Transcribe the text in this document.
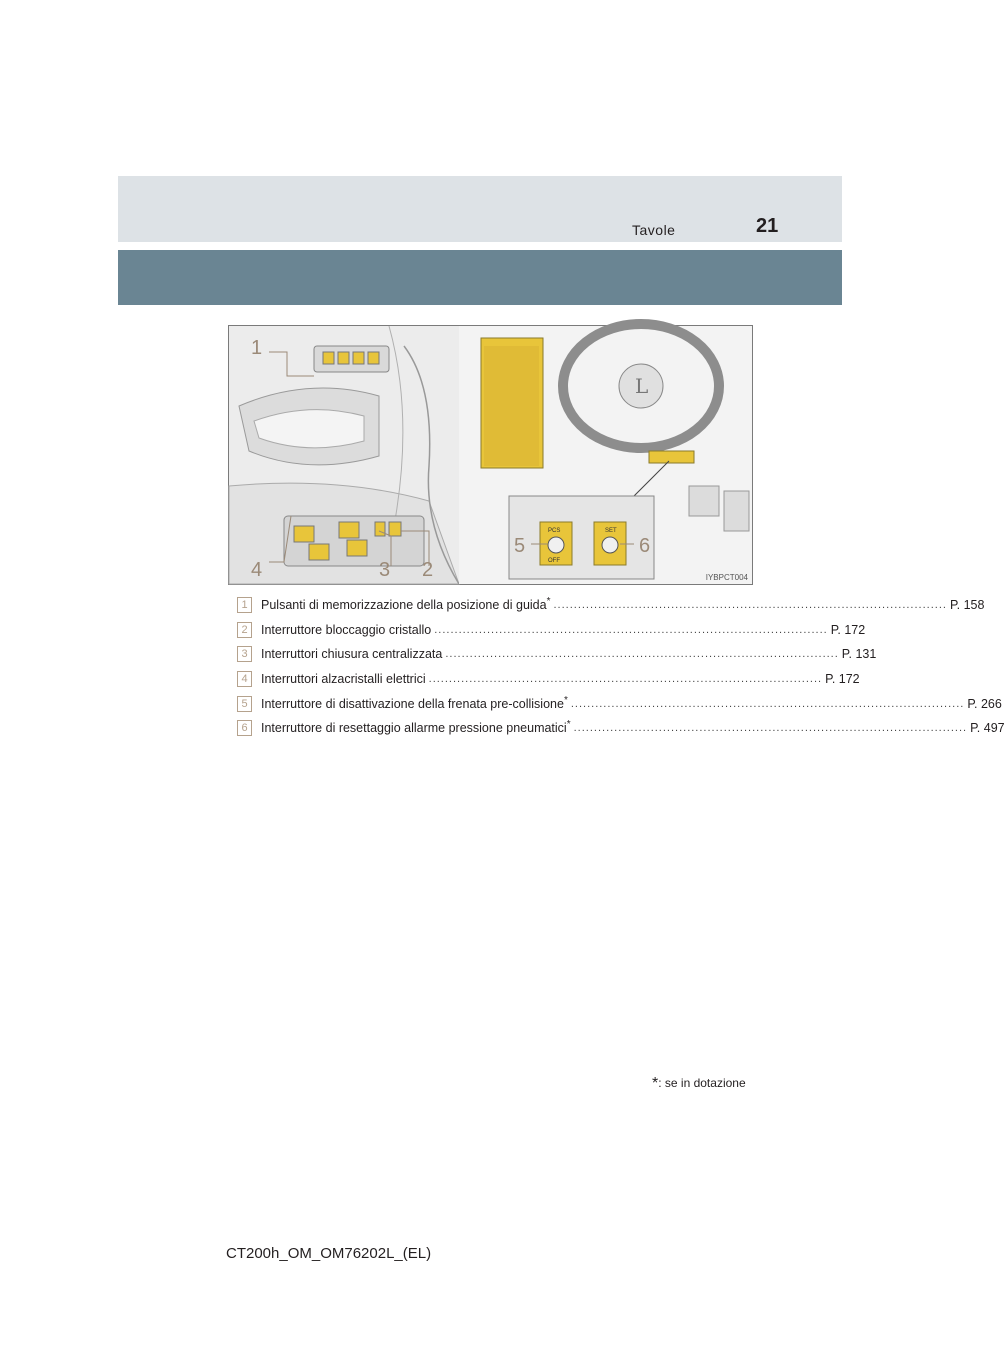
Tavole	21
L
PCS
OFF
SET
1
2
3
4
5	6
IYBPCT004
1	Pulsanti di memorizzazione della posizione di guida* ................................................................................................. P. 158
2	Interruttore bloccaggio cristallo ................................................................................................. P. 172
3	Interruttori chiusura centralizzata ................................................................................................. P. 131
4	Interruttori alzacristalli elettrici ................................................................................................. P. 172
5	Interruttore di disattivazione della frenata pre-collisione* ................................................................................................. P. 266
6	Interruttore di resettaggio allarme pressione pneumatici* ................................................................................................. P. 497
*: se in dotazione
CT200h_OM_OM76202L_(EL)
